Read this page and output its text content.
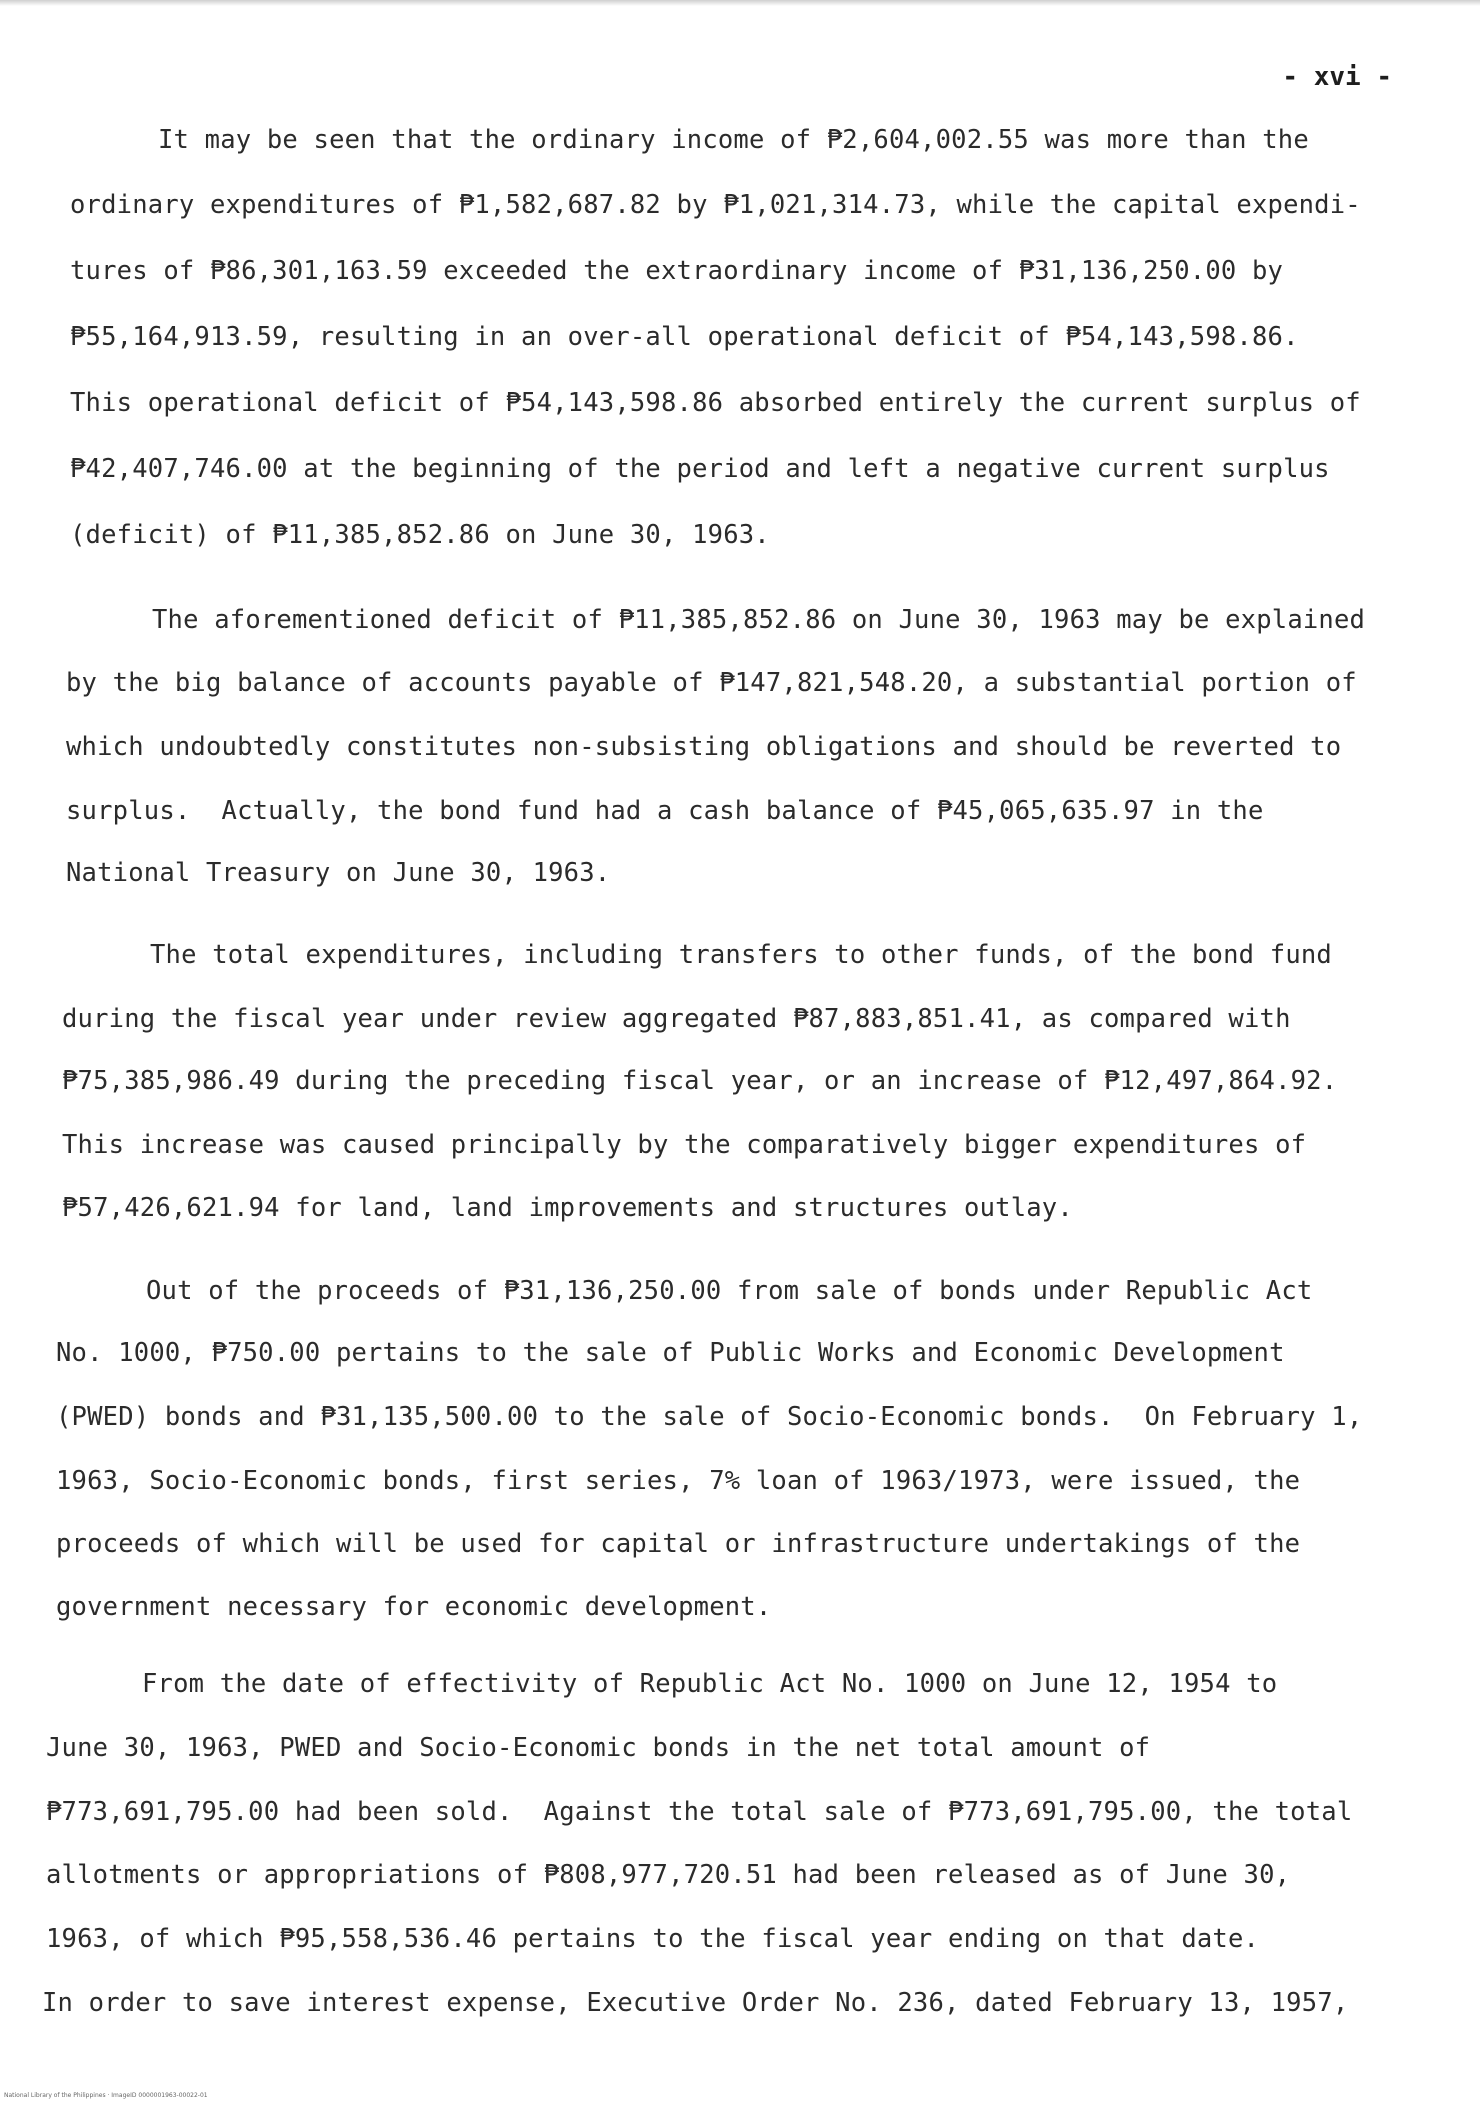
- xvi -
It may be seen that the ordinary income of ₱2,604,002.55 was more than the
ordinary expenditures of ₱1,582,687.82 by ₱1,021,314.73, while the capital expendi-
tures of ₱86,301,163.59 exceeded the extraordinary income of ₱31,136,250.00 by
₱55,164,913.59, resulting in an over-all operational deficit of ₱54,143,598.86.
This operational deficit of ₱54,143,598.86 absorbed entirely the current surplus of
₱42,407,746.00 at the beginning of the period and left a negative current surplus
(deficit) of ₱11,385,852.86 on June 30, 1963.
The aforementioned deficit of ₱11,385,852.86 on June 30, 1963 may be explained
by the big balance of accounts payable of ₱147,821,548.20, a substantial portion of
which undoubtedly constitutes non-subsisting obligations and should be reverted to
surplus.  Actually, the bond fund had a cash balance of ₱45,065,635.97 in the
National Treasury on June 30, 1963.
The total expenditures, including transfers to other funds, of the bond fund
during the fiscal year under review aggregated ₱87,883,851.41, as compared with
₱75,385,986.49 during the preceding fiscal year, or an increase of ₱12,497,864.92.
This increase was caused principally by the comparatively bigger expenditures of
₱57,426,621.94 for land, land improvements and structures outlay.
Out of the proceeds of ₱31,136,250.00 from sale of bonds under Republic Act
No. 1000, ₱750.00 pertains to the sale of Public Works and Economic Development
(PWED) bonds and ₱31,135,500.00 to the sale of Socio-Economic bonds.  On February 1,
1963, Socio-Economic bonds, first series, 7% loan of 1963/1973, were issued, the
proceeds of which will be used for capital or infrastructure undertakings of the
government necessary for economic development.
From the date of effectivity of Republic Act No. 1000 on June 12, 1954 to
June 30, 1963, PWED and Socio-Economic bonds in the net total amount of
₱773,691,795.00 had been sold.  Against the total sale of ₱773,691,795.00, the total
allotments or appropriations of ₱808,977,720.51 had been released as of June 30,
1963, of which ₱95,558,536.46 pertains to the fiscal year ending on that date.
In order to save interest expense, Executive Order No. 236, dated February 13, 1957,
National Library of the Philippines · ImageID 0000001963-00022-01
